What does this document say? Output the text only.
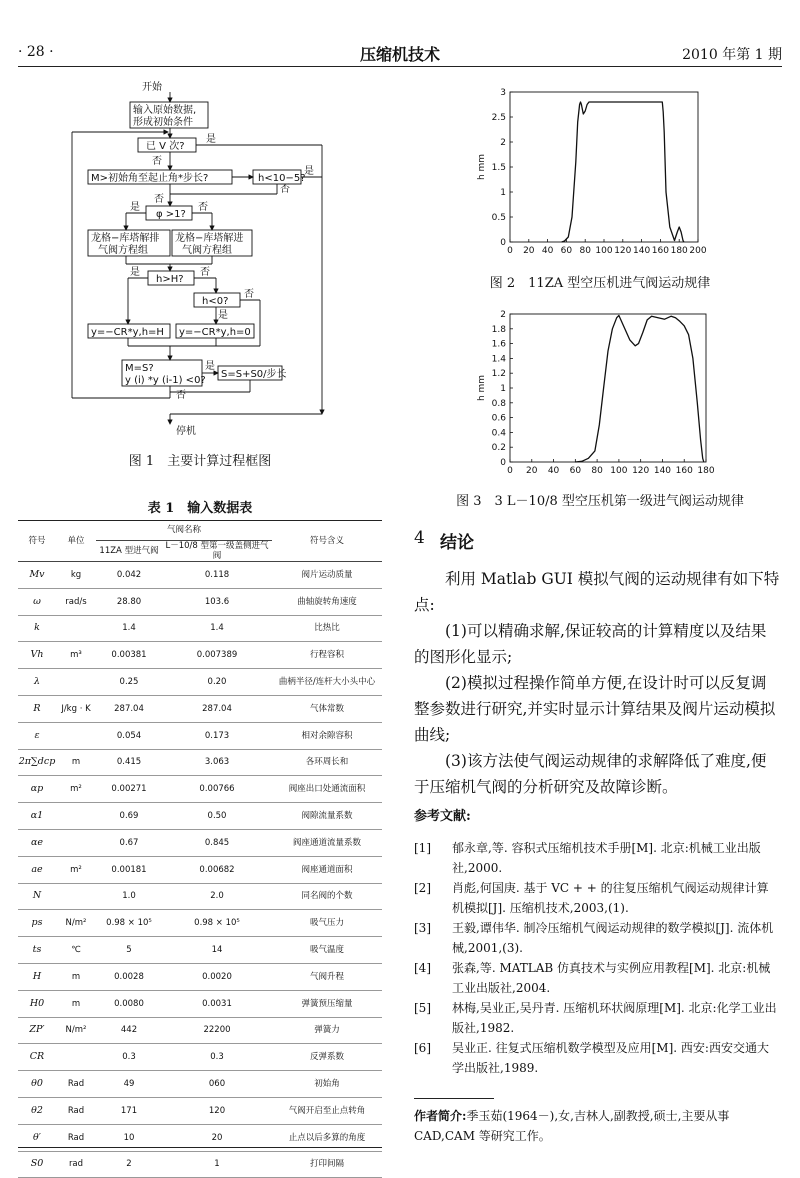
· 28 ·	压缩机技术	2010 年第 1 期
开始
输入原始数据,
形成初始条件
已 V 次?
是
否
M>初始角至起止角*步长?	h<10−5?
是
否
否
φ >1?
是	否
龙格−库塔解排
气阀方程组
龙格−库塔解进
气阀方程组
h>H?
是	否
h<0?
否
是
y=−CR*y,h=H y=−CR*y,h=0
M=S?
y (i) *y (i-1) <0?
是
S=S+S0/步长
否
停机
图 1　主要计算过程框图
0 20 40 60 80 100 120 140 160 180 200
0
0.5
1
1.5
2
2.5
3
h mm
图 2　11ZA 型空压机进气阀运动规律
0 20 40 60 80 100 120 140 160 180
0
0.2
0.4
0.6
0.8
1
1.2
1.4
1.6
1.8
2
h mm
图 3　3 L－10/8 型空压机第一级进气阀运动规律
表 1　输入数据表
符号	单位	气阀名称		符号含义
		11ZA 型进气阀	L－10/8 型第一级盖侧进气阀	
Mv	kg	0.042	0.118	阀片运动质量
ω	rad/s	28.80	103.6	曲轴旋转角速度
k		1.4	1.4	比热比
Vh	m³	0.00381	0.007389	行程容积
λ		0.25	0.20	曲柄半径/连杆大小头中心
R	J/kg · K	287.04	287.04	气体常数
ε		0.054	0.173	相对余隙容积
2π∑dcp	m	0.415	3.063	各环周长和
αp	m²	0.00271	0.00766	阀座出口处通流面积
α1		0.69	0.50	阀隙流量系数
αe		0.67	0.845	阀座通道流量系数
ae	m²	0.00181	0.00682	阀座通道面积
N		1.0	2.0	同名阀的个数
ps	N/m²	0.98 × 10⁵	0.98 × 10⁵	吸气压力
ts	℃	5	14	吸气温度
H	m	0.0028	0.0020	气阀升程
H0	m	0.0080	0.0031	弹簧预压缩量
ZP′	N/m²	442	22200	弹簧力
CR		0.3	0.3	反弹系数
θ0	Rad	49	060	初始角
θ2	Rad	171	120	气阀开启至止点转角
θ′	Rad	10	20	止点以后多算的角度
S0	rad	2	1	打印间隔
4 结论

利用 Matlab GUI 模拟气阀的运动规律有如下特点:

(1)可以精确求解,保证较高的计算精度以及结果的图形化显示;

(2)模拟过程操作简单方便,在设计时可以反复调整参数进行研究,并实时显示计算结果及阀片运动模拟曲线;

(3)该方法使气阀运动规律的求解降低了难度,便于压缩机气阀的分析研究及故障诊断。

参考文献:
[1] 郁永章,等. 容积式压缩机技术手册[M]. 北京:机械工业出版社,2000.
[2] 肖彪,何国庚. 基于 VC + + 的往复压缩机气阀运动规律计算机模拟[J]. 压缩机技术,2003,(1).
[3] 王毅,谭伟华. 制冷压缩机气阀运动规律的数学模拟[J]. 流体机械,2001,(3).
[4] 张森,等. MATLAB 仿真技术与实例应用教程[M]. 北京:机械工业出版社,2004.
[5] 林梅,吴业正,吴丹青. 压缩机环状阀原理[M]. 北京:化学工业出版社,1982.
[6] 吴业正. 往复式压缩机数学模型及应用[M]. 西安:西安交通大学出版社,1989.
作者简介:季玉茹(1964－),女,吉林人,副教授,硕士,主要从事 CAD,CAM 等研究工作。
